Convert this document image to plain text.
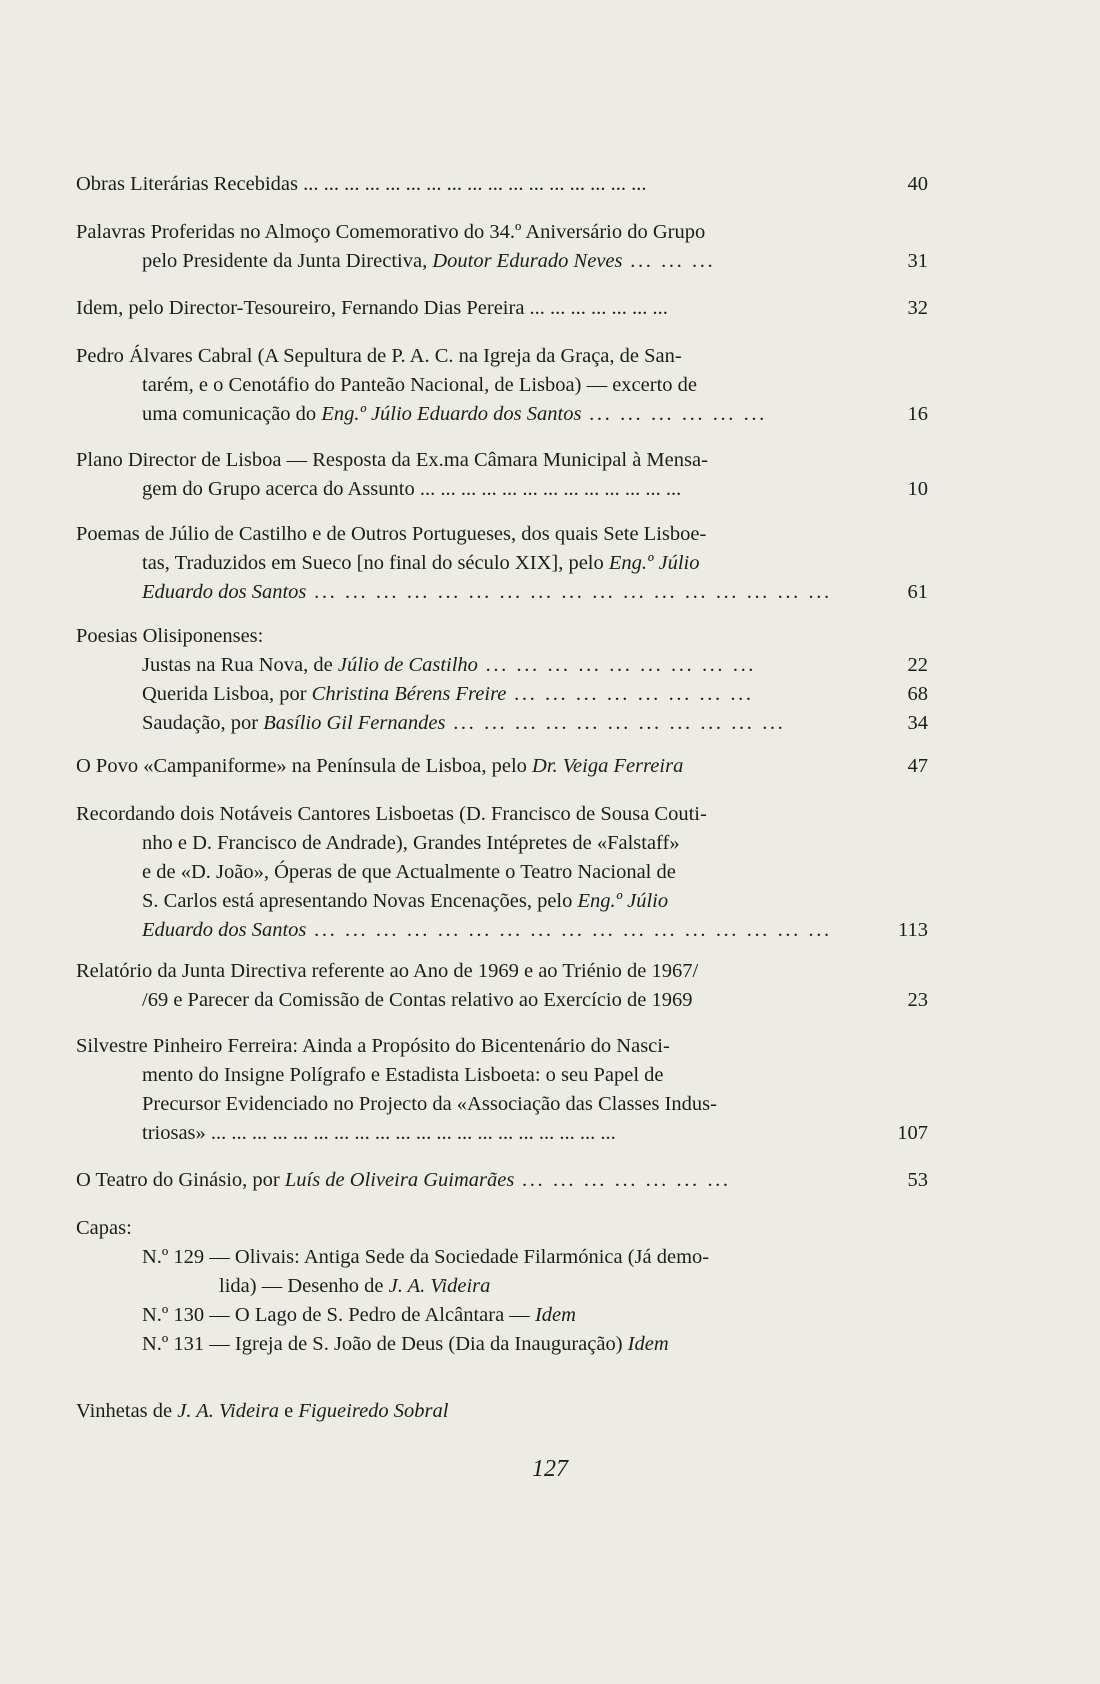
Obras Literárias Recebidas ... ... ... ... ... ... ... ... ... ... ... ... ... ... ... ... ...	40
Palavras Proferidas no Almoço Comemorativo do 34.º Aniversário do Grupo
pelo Presidente da Junta Directiva, Doutor Edurado Neves ... ... ...	31
Idem, pelo Director-Tesoureiro, Fernando Dias Pereira ... ... ... ... ... ... ...	32
Pedro Álvares Cabral (A Sepultura de P. A. C. na Igreja da Graça, de San-
tarém, e o Cenotáfio do Panteão Nacional, de Lisboa) — excerto de
uma comunicação do Eng.º Júlio Eduardo dos Santos ... ... ... ... ... ...	16
Plano Director de Lisboa — Resposta da Ex.ma Câmara Municipal à Mensa-
gem do Grupo acerca do Assunto ... ... ... ... ... ... ... ... ... ... ... ... ...	10
Poemas de Júlio de Castilho e de Outros Portugueses, dos quais Sete Lisboe-
tas, Traduzidos em Sueco [no final do século XIX], pelo Eng.º Júlio
Eduardo dos Santos ... ... ... ... ... ... ... ... ... ... ... ... ... ... ... ... ...	61
Poesias Olisiponenses:
Justas na Rua Nova, de Júlio de Castilho ... ... ... ... ... ... ... ... ...	22
Querida Lisboa, por Christina Bérens Freire ... ... ... ... ... ... ... ...	68
Saudação, por Basílio Gil Fernandes ... ... ... ... ... ... ... ... ... ... ...	34
O Povo «Campaniforme» na Península de Lisboa, pelo Dr. Veiga Ferreira	47
Recordando dois Notáveis Cantores Lisboetas (D. Francisco de Sousa Couti-
nho e D. Francisco de Andrade), Grandes Intépretes de «Falstaff»
e de «D. João», Óperas de que Actualmente o Teatro Nacional de
S. Carlos está apresentando Novas Encenações, pelo Eng.º Júlio
Eduardo dos Santos ... ... ... ... ... ... ... ... ... ... ... ... ... ... ... ... ...	113
Relatório da Junta Directiva referente ao Ano de 1969 e ao Triénio de 1967/
/69 e Parecer da Comissão de Contas relativo ao Exercício de 1969	23
Silvestre Pinheiro Ferreira: Ainda a Propósito do Bicentenário do Nasci-
mento do Insigne Polígrafo e Estadista Lisboeta: o seu Papel de
Precursor Evidenciado no Projecto da «Associação das Classes Indus-
triosas» ... ... ... ... ... ... ... ... ... ... ... ... ... ... ... ... ... ... ... ...	107
O Teatro do Ginásio, por Luís de Oliveira Guimarães ... ... ... ... ... ... ...	53
Capas:
N.º 129 — Olivais: Antiga Sede da Sociedade Filarmónica (Já demo-
lida) — Desenho de J. A. Videira
N.º 130 — O Lago de S. Pedro de Alcântara — Idem
N.º 131 — Igreja de S. João de Deus (Dia da Inauguração) Idem
Vinhetas de J. A. Videira e Figueiredo Sobral
127
